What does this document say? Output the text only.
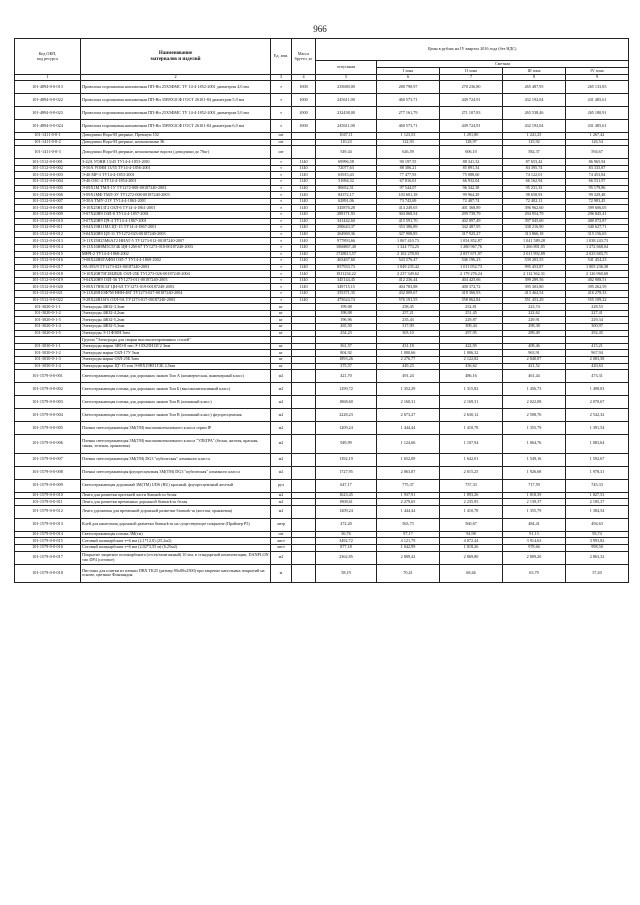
966
Код ОКП,
код ресурса	Наименование
материалов и изделий	Ед. изм.	Масса брутто, кг	Цены в рублях на IV квартал 2016 года (без НДС)				
				отпускная	Сметная			
					I зона	II зона	III зона	IV зона
1	2	3	4	5	6	7	8	9
101-4894-0-0-013	Проволока порошковая наплавочная ПП-Нп 25Х5ФМС ТУ 14-4-1852-2001 диаметром 4,0 мм	т	1000	235680,00	280 790,97	270 236,80	265 487,95	265 133,83
101-4894-0-0-022	Проволока порошковая наплавочная ПП-Нп 35В9Х3СФ ГОСТ 26101-84 диаметром 5,0 мм	т	1000	245611,00	460 573,71	449 724,91	432 192,04	431 485,61
101-4894-0-0-023	Проволока порошковая наплавочная ПП-Нп 25Х5ФМС ТУ 14-4-1852-2001 диаметром 5,0 мм	т	1000	232438,00	277 161,79	271 107,83	265 538,46	265 180,91
101-4894-0-0-024	Проволока порошковая наплавочная ПП-Нп 35В9Х3СФ ГОСТ 26101-84 диаметром 6,0 мм	т	1000	245611,00	460 573,71	449 724,91	432 192,04	431 485,61
101-1411-0-0-1	Доводчики Нора-М дверные, Премиум 102	шт		1047,11	1 123,53	1 291,80	1 241,25	1 267,42
101-1411-0-0-2	Доводчики Нора-М дверные, неокошенные Hi	шт		110,23	122,93	128,97	125,92	126,54
101-1411-0-0-3	Доводчики Нора-М дверные, неокошенные ворота (доводчики до 70кг)	шт		549,44	626,59	606,10	582,37	594,67
101-1512-0-0-001	З-42А УОНИ 13/45 ТУ14-4-1853-2001	т	1140	69996,58	90 197,55	88 341,32	87 653,42	86 965,94
101-1512-0-0-002	Э-50А УОНИ 13/55 ТУ14-4-1856-2001	т	1140	72077,63	88 306,21	85 891,54	84 395,74	83 335,87
101-1512-0-0-003	Э-46 МР-3 ТУ14-4-1853-2001	т	1140	63915,43	77 477,93	75 088,60	74 122,01	74 453,84
101-1512-0-0-004	Э-46 ОЗС-4 ТУ14-4-1854-2001	т	1140	51694,32	67 816,01	66 932,04	66 162,94	66 531,97
101-1512-0-0-005	Э-09Х1М ТМЛ-1У ТУ1272-008-00187240-2003	т	1140	80652,51	97 544,07	96 342,38	95 231,33	95 179,86
101-1512-0-0-006	Э-09Х1МФ ТМЛ-3У ТУ1272-008-00187240-2003	т	1140	84372,17	103 601,18	99 964,29	98 658,93	99 329,48
101-1512-0-0-007	Э-50А ТМУ-21У ТУ14-4-1863-2001	т	1140	62891,06	73 743,69	72 407,74	72 402,11	72 983,45
101-1512-0-0-008	Э-10Х25Н13Г2 ОЗЛ-6 ТУ14-4-1861-2001	т	1140	345876,28	414 249,65	401 368,89	396 962,60	399 606,05
101-1512-0-0-009	Э-07Х20Н9 ОЗЛ-8 ТУ14-4-1857-2001	т	1140	289171,93	304 068,54	299 739,79	294 954,79	296 845,41
101-1512-0-0-010	Э-07Х20Н9 ЦЧ-4 ТУ14-4-1867-2001	т	1140	341442,60	415 591,70	402 097,49	397 045,60	400 072,87
101-1512-0-0-011	Э-04Х19Н11М3 ЦТ-15 ТУ14-4-1867-2001	т	1140	290643,37	353 386,89	342 487,95	338 216,90	340 627,71
101-1512-0-0-012	Э-04Х20Н9 ЦЛ-11 ТУ1272-023-00187240-2003	т	1140	264969,36	327 908,85	317 925,27	313 866,18	315 156,65
101-1512-0-0-013	Э-11Х15Н25М6АГ2 НИАТ-5 ТУ1273-012-00187240-2007	т	1140	977893,66	1 067 410,73	1 054 852,87	1 041 589,28	1 038 243,73
101-1512-0-0-014	Э-13Х16Н8М5С5Г4Б ЦН-12М-67 ТУ1273-018-00187240-2003	т	1140	1066867,40	1 324 774,25	1 280 967,76	1 266 801,05	1 272 668,04
101-1512-0-0-015	МНЧ-2 ТУ14-4-1868-2002	т	1140	1728813,57	2 102 278,93	2 057 671,97	2 011 992,89	2 025 683,71
101-1512-0-0-016	Э-08Х24Н6ТАФМ ОЗЛ-7 ТУ14-4-1869-2002	т	1140	463467,60	543 576,47	546 196,23	539 203,55	541 454,23
101-1512-0-0-017	ЭА-395/9 ТУ1273-023-00187240-2003	т	1140	857933,73	1 049 235,42	1 011 052,73	995 453,87	1 005 236,38
101-1512-0-0-018	Э-10Х20Н70Г2М2В2Б ОЗЛ-25Б ТУ1273-026-00187240-2004	т	1140	1811234,22	2 237 349,62	2 179 276,24	2 112 362,31	2 126 960,60
101-1512-0-0-019	Э-04Х20Н9 ОЗЛ-36 ТУ1273-011-00187240-2003	т	1140	345144,45	412 236,44	404 425,66	399 289,56	402 908,51
101-1512-0-0-020	Э-08Х17Н8С6Г ЦН-6Л ТУ1273-019-00187240-2003	т	1140	349715,15	404 783,88	400 372,72	395 303,80	395 262,59
101-1512-0-0-021	Э-11Х20Н10Ф7М ННН-48Г ТУ1273-027-00187240-2004	т	1140	355371,35	432 009,67	418 366,93	413 464,54	416 278,33
101-1512-0-0-022	Э-28Х24Н16Г6 ОЗЛ-9А ТУ1273-017-00187240-2003	т	1140	475624,74	576 191,55	558 062,84	551 453,29	555 109,22
101-3020-0-1-1	Электроды 4ЖЗ2-3,3мм	кг		199,08	258,45	252,81	223,74	228,53
101-3020-0-1-2	Электроды 4ЖЗ2-4,2мм	кг		198,08	257,21	251,45	222,62	227,41
101-3020-0-1-3	Электроды 4ЖЗ2-5,2мм	кг		196,96	235,43	229,87	229,91	229,34
101-3020-0-1-4	Электроды 4ЖЗ2-5,3мм	кг		265,50	317,09	309,44	298,38	300,97
101-3020-0-1-5	Электроды Э-11Ф30Н 3мм	кг		254,23	303,10	297,95	289,49	292,45
	Группа "Электроды для сварки высоколегированных сталей"							
101-3030-0-1-1	Электроды марки ЗИО-8 тип Э-10Х25Н13Г2 3мм	кг		361,57	431,18	422,95	408,46	415,21
101-3030-0-1-2	Электроды марки ОЗЛ-17У 5мм	кг		804,92	1 000,66	1 006,32	963,91	967,94
101-3030-0-1-3	Электроды марки ОЗЛ-25Б 3мм	кг		1893,26	2 276,77	2 122,82	2 040,07	2 083,58
101-3030-0-1-4	Электроды марки ЦТ-15 тип Э-08Х19Н11Г2Б 2,5мм	кг		375,57	449,23	436,62	421,52	420,63
101-1579-0-0-001	Светоотражающая пленка для дорожных знаков Тип А (коммерческая, инженерный класс)	м2		421,70	491,24	486,16	461,44	473,31
101-1579-0-0-002	Светоотражающая пленка для дорожных знаков Тип Б (высокоинтенсивный класс)	м2		1299,72	1 352,29	1 315,82	1 456,73	1 498,03
101-1579-0-0-003	Светоотражающая пленка для дорожных знаков Тип В (алмазный класс)	м2		1868,60	2 160,31	2 169,31	2 022,08	2 070,67
101-1579-0-0-004	Светоотражающая пленка для дорожных знаков Тип В (алмазный класс) флуоресцентная	м2		2228,23	2 673,27	2 630,12	2 508,76	2 542,32
101-1579-0-0-005	Пленка светоотражающая 3M(TM) высокоинтенсивного класса серии IP	м2		1209,24	1 444,44	1 410,78	1 355,79	1 391,54
101-1579-0-0-006	Пленка светоотражающая 3M(TM) высокоинтенсивного класса "УЛЬТРА" (белая, желтая, красная, синяя, зеленая, оранжевая)	м2		949,99	1 124,66	1 107,94	1 064,76	1 083,64
101-1579-0-0-007	Пленка светоотражающая 3M(TM) DG3 "кубическая" алмазного класса	м2		1392,19	1 652,09	1 642,01	1 549,16	1 592,67
101-1579-0-0-008	Пленка светоотражающая флуоресцентная 3M(TM) DG3 "кубическая" алмазного класса	м2		1727,95	2 063,87	2 015,25	1 926,68	1 978,31
101-1579-0-0-009	Светоотражающая дорожный 3M(TM) UDS (RU) красный, флуоресцентный желтый	рул		647,17	775,37	757,33	717,59	745,33
101-1579-0-0-010	Лента для разметки проезжей части Stamark-ш белая	м2		1623,45	1 937,91	1 893,26	1 818,39	1 827,53
101-1579-0-0-011	Лента для разметки временных дорожной Stamark-ш белая	м2		1908,61	2 279,65	2 235,95	2 139,37	2 185,37
101-1579-0-0-012	Лента удаляемая для временной дорожной разметки Stamark-ш (желтая, оранжевая)	м2		1209,24	1 444,44	1 410,78	1 355,79	1 384,54
101-1579-0-0-013	Клей для нанесения дорожной разметки Stamark-ш на существующее покрытие (Праймер P5)	литр		472,20	563,73	560,67	484,41	494,63
101-1579-0-0-014	Светоотражающая пленка 3М(тм)	шт		36,76	97,17	94,98	91,13	93,74
101-1579-0-0-015	Сотовый поликарбонат т=6 мм (2,1*12,0) (25,2м2)	лист		3492,72	4 121,79	4 072,44	3 914,63	3 993,82
101-1579-0-0-016	Сотовый поликарбонат т=6 мм (2,02*3,55 м) (6,25м2)	лист		877,18	1 042,99	1 018,26	978,66	998,50
101-1579-0-0-017	Покрытие защитное поликарбоната (отсек/монтажный) 10 мм, в стандартной комплектации, DANPLON тип DP4 (сотовое)	м2		2362,85	2 809,42	2 869,80	2 809,20	2 863,32
101-1579-0-0-018	Пистоны для плитки из пленки ПВХ ТК25 (размер 80х80х2500) при закрепке напольных покрытий на основе, цветные Финляндия	м		58,19	70,41	68,46	63,79	57,20
